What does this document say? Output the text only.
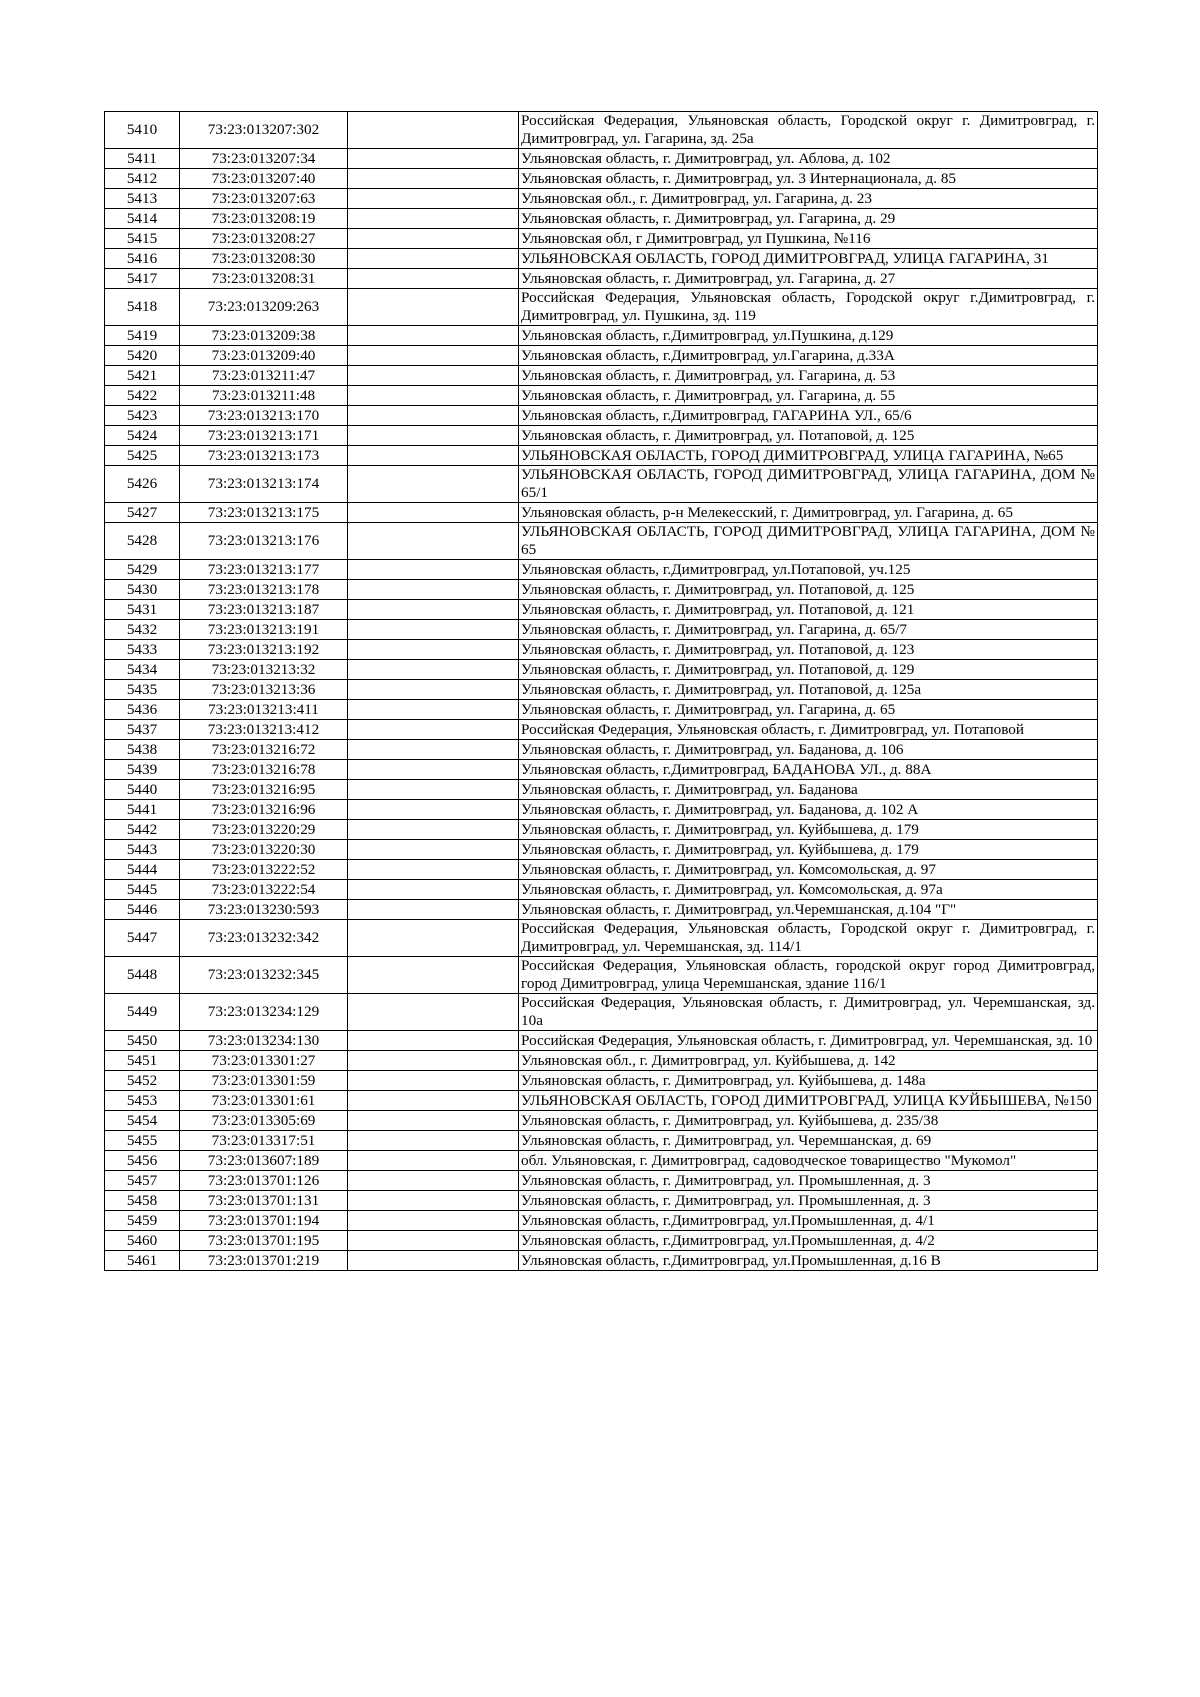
5410	73:23:013207:302		Российская Федерация, Ульяновская область, Городской округ г. Димитровград, г. Димитровград, ул. Гагарина, зд. 25а
5411	73:23:013207:34		Ульяновская область, г. Димитровград, ул. Аблова, д. 102
5412	73:23:013207:40		Ульяновская область, г. Димитровград, ул. 3 Интернационала, д. 85
5413	73:23:013207:63		Ульяновская обл., г. Димитровград, ул. Гагарина, д. 23
5414	73:23:013208:19		Ульяновская область, г. Димитровград, ул. Гагарина, д. 29
5415	73:23:013208:27		Ульяновская обл, г Димитровград, ул Пушкина, №116
5416	73:23:013208:30		УЛЬЯНОВСКАЯ ОБЛАСТЬ, ГОРОД ДИМИТРОВГРАД, УЛИЦА ГАГАРИНА, 31
5417	73:23:013208:31		Ульяновская область, г. Димитровград, ул. Гагарина, д. 27
5418	73:23:013209:263		Российская Федерация, Ульяновская область, Городской округ г.Димитровград, г. Димитровград, ул. Пушкина, зд. 119
5419	73:23:013209:38		Ульяновская область, г.Димитровград, ул.Пушкина, д.129
5420	73:23:013209:40		Ульяновская область, г.Димитровград, ул.Гагарина, д.33А
5421	73:23:013211:47		Ульяновская область, г. Димитровград, ул. Гагарина, д. 53
5422	73:23:013211:48		Ульяновская область, г. Димитровград, ул. Гагарина, д. 55
5423	73:23:013213:170		Ульяновская область, г.Димитровград, ГАГАРИНА УЛ., 65/6
5424	73:23:013213:171		Ульяновская область, г. Димитровград, ул. Потаповой, д. 125
5425	73:23:013213:173		УЛЬЯНОВСКАЯ ОБЛАСТЬ, ГОРОД ДИМИТРОВГРАД, УЛИЦА ГАГАРИНА, №65
5426	73:23:013213:174		УЛЬЯНОВСКАЯ ОБЛАСТЬ, ГОРОД ДИМИТРОВГРАД, УЛИЦА ГАГАРИНА, ДОМ № 65/1
5427	73:23:013213:175		Ульяновская область, р-н Мелекесский, г. Димитровград, ул. Гагарина, д. 65
5428	73:23:013213:176		УЛЬЯНОВСКАЯ ОБЛАСТЬ, ГОРОД ДИМИТРОВГРАД, УЛИЦА ГАГАРИНА, ДОМ № 65
5429	73:23:013213:177		Ульяновская область, г.Димитровград, ул.Потаповой, уч.125
5430	73:23:013213:178		Ульяновская область, г. Димитровград, ул. Потаповой, д. 125
5431	73:23:013213:187		Ульяновская область, г. Димитровград, ул. Потаповой, д. 121
5432	73:23:013213:191		Ульяновская область, г. Димитровград, ул. Гагарина, д. 65/7
5433	73:23:013213:192		Ульяновская область, г. Димитровград, ул. Потаповой, д. 123
5434	73:23:013213:32		Ульяновская область, г. Димитровград, ул. Потаповой, д. 129
5435	73:23:013213:36		Ульяновская область, г. Димитровград, ул. Потаповой, д. 125а
5436	73:23:013213:411		Ульяновская область, г. Димитровград, ул. Гагарина, д. 65
5437	73:23:013213:412		Российская Федерация, Ульяновская область, г. Димитровград, ул. Потаповой
5438	73:23:013216:72		Ульяновская область, г. Димитровград, ул. Баданова, д. 106
5439	73:23:013216:78		Ульяновская область, г.Димитровград, БАДАНОВА УЛ., д. 88А
5440	73:23:013216:95		Ульяновская область, г. Димитровград, ул. Баданова
5441	73:23:013216:96		Ульяновская область, г. Димитровград, ул. Баданова, д. 102 А
5442	73:23:013220:29		Ульяновская область, г. Димитровград, ул. Куйбышева, д. 179
5443	73:23:013220:30		Ульяновская область, г. Димитровград, ул. Куйбышева, д. 179
5444	73:23:013222:52		Ульяновская область, г. Димитровград, ул. Комсомольская, д. 97
5445	73:23:013222:54		Ульяновская область, г. Димитровград, ул. Комсомольская, д. 97а
5446	73:23:013230:593		Ульяновская область, г. Димитровград, ул.Черемшанская, д.104 "Г"
5447	73:23:013232:342		Российская Федерация, Ульяновская область, Городской округ г. Димитровград, г. Димитровград, ул. Черемшанская, зд. 114/1
5448	73:23:013232:345		Российская Федерация, Ульяновская область, городской округ город Димитровград, город Димитровград, улица Черемшанская, здание 116/1
5449	73:23:013234:129		Российская Федерация, Ульяновская область, г. Димитровград, ул. Черемшанская, зд. 10а
5450	73:23:013234:130		Российская Федерация, Ульяновская область, г. Димитровград, ул. Черемшанская, зд. 10
5451	73:23:013301:27		Ульяновская обл., г. Димитровград, ул. Куйбышева, д. 142
5452	73:23:013301:59		Ульяновская область, г. Димитровград, ул. Куйбышева, д. 148а
5453	73:23:013301:61		УЛЬЯНОВСКАЯ ОБЛАСТЬ, ГОРОД ДИМИТРОВГРАД, УЛИЦА КУЙБЫШЕВА, №150
5454	73:23:013305:69		Ульяновская область, г. Димитровград, ул. Куйбышева, д. 235/38
5455	73:23:013317:51		Ульяновская область, г. Димитровград, ул. Черемшанская, д. 69
5456	73:23:013607:189		обл. Ульяновская, г. Димитровград, садоводческое товарищество "Мукомол"
5457	73:23:013701:126		Ульяновская область, г. Димитровград, ул. Промышленная, д. 3
5458	73:23:013701:131		Ульяновская область, г. Димитровград, ул. Промышленная, д. 3
5459	73:23:013701:194		Ульяновская область, г.Димитровград, ул.Промышленная, д. 4/1
5460	73:23:013701:195		Ульяновская область, г.Димитровград, ул.Промышленная, д. 4/2
5461	73:23:013701:219		Ульяновская область, г.Димитровград, ул.Промышленная, д.16 В
